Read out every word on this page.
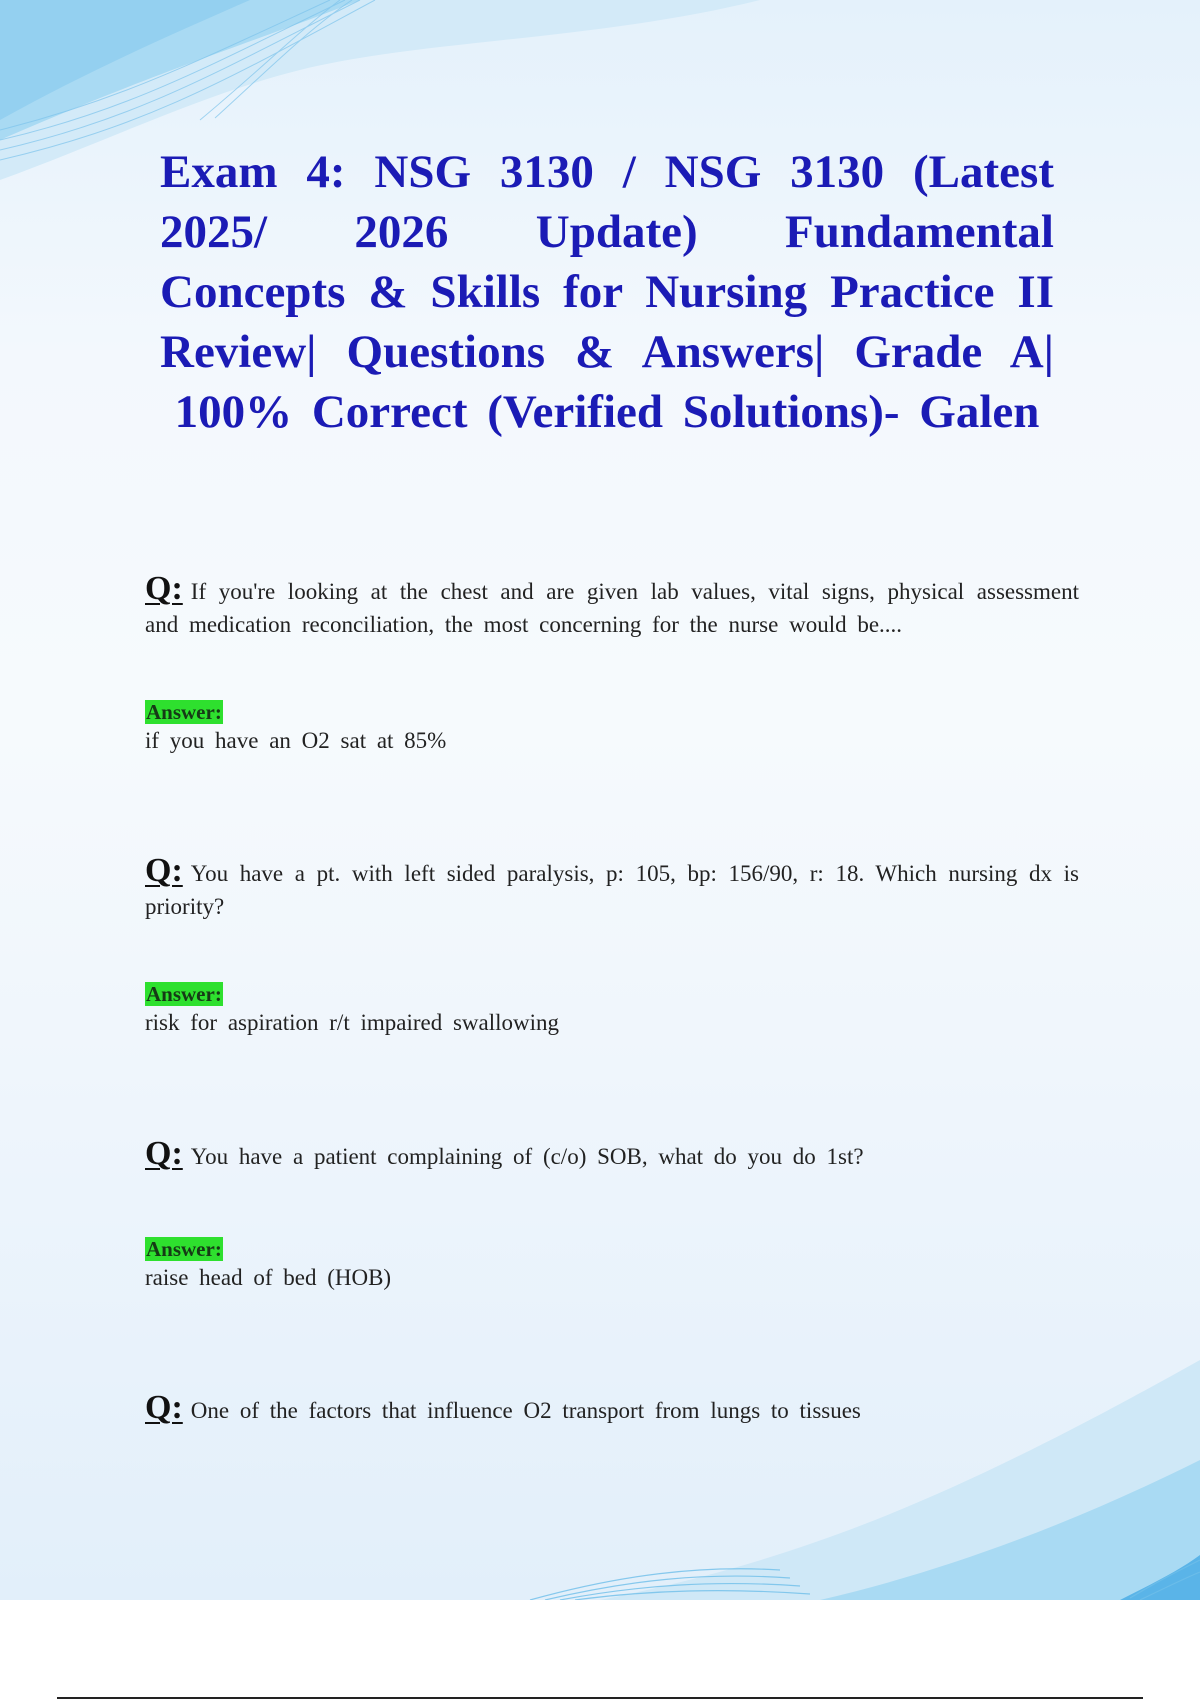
Exam 4: NSG 3130 / NSG 3130 (Latest 2025/ 2026 Update) Fundamental Concepts & Skills for Nursing Practice II Review| Questions & Answers| Grade A| 100% Correct (Verified Solutions)- Galen
Q: If you're looking at the chest and are given lab values, vital signs, physical assessment and medication reconciliation, the most concerning for the nurse would be....
Answer:
if you have an O2 sat at 85%
Q: You have a pt. with left sided paralysis, p: 105, bp: 156/90, r: 18. Which nursing dx is priority?
Answer:
risk for aspiration r/t impaired swallowing
Q: You have a patient complaining of (c/o) SOB, what do you do 1st?
Answer:
raise head of bed (HOB)
Q: One of the factors that influence O2 transport from lungs to tissues
